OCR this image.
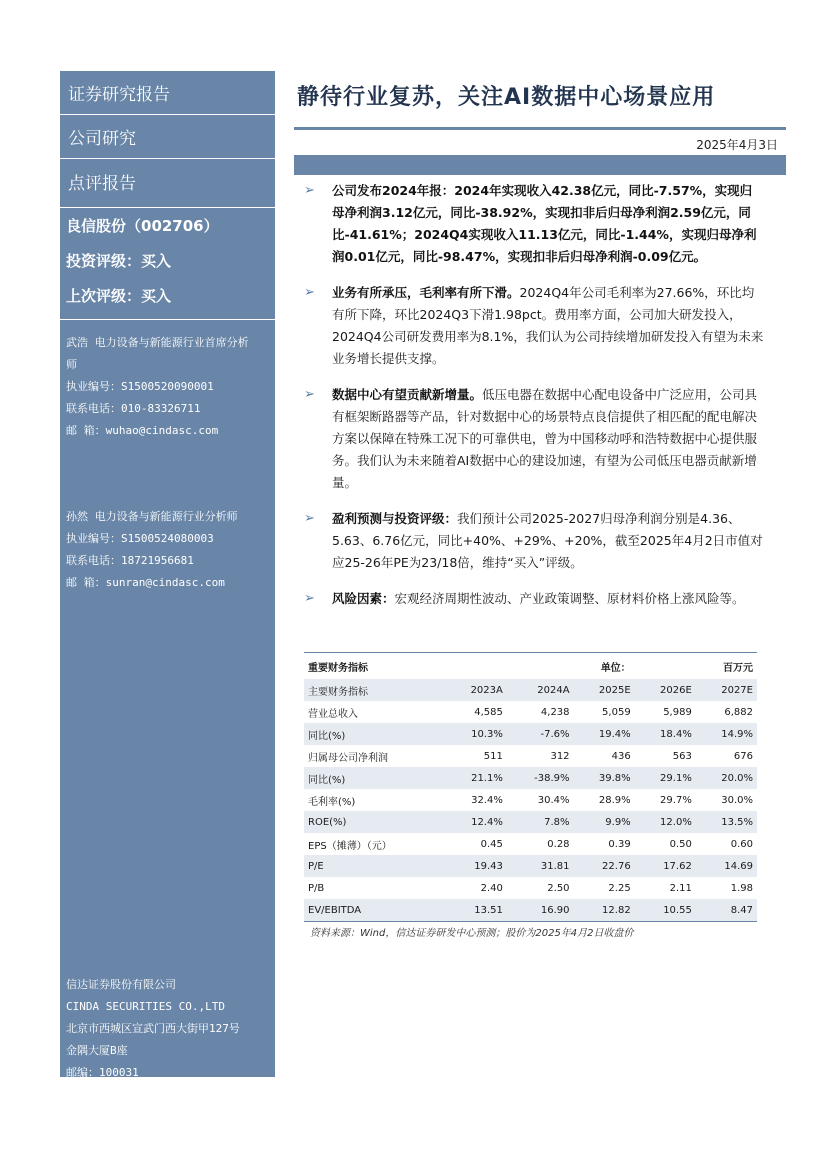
证券研究报告
公司研究
点评报告
良信股份（002706）
投资评级：买入
上次评级：买入
武浩 电力设备与新能源行业首席分析
师
执业编号：S1500520090001
联系电话：010-83326711
邮 箱：wuhao@cindasc.com
孙然 电力设备与新能源行业分析师
执业编号：S1500524080003
联系电话：18721956681
邮 箱：sunran@cindasc.com
信达证券股份有限公司
CINDA SECURITIES CO.,LTD
北京市西城区宣武门西大街甲127号
金隅大厦B座
邮编：100031
静待行业复苏，关注AI数据中心场景应用
2025年4月3日
➢ 公司发布2024年报：2024年实现收入42.38亿元，同比-7.57%，实现归母净利润3.12亿元，同比-38.92%，实现扣非后归母净利润2.59亿元，同比-41.61%；2024Q4实现收入11.13亿元，同比-1.44%，实现归母净利润0.01亿元，同比-98.47%，实现扣非后归母净利润-0.09亿元。
➢ 业务有所承压，毛利率有所下滑。2024Q4年公司毛利率为27.66%，环比均有所下降，环比2024Q3下滑1.98pct。费用率方面，公司加大研发投入，2024Q4公司研发费用率为8.1%，我们认为公司持续增加研发投入有望为未来业务增长提供支撑。
➢ 数据中心有望贡献新增量。低压电器在数据中心配电设备中广泛应用，公司具有框架断路器等产品，针对数据中心的场景特点良信提供了相匹配的配电解决方案以保障在特殊工况下的可靠供电，曾为中国移动呼和浩特数据中心提供服务。我们认为未来随着AI数据中心的建设加速，有望为公司低压电器贡献新增量。
➢ 盈利预测与投资评级：我们预计公司2025-2027归母净利润分别是4.36、5.63、6.76亿元，同比+40%、+29%、+20%，截至2025年4月2日市值对应25-26年PE为23/18倍，维持“买入”评级。
➢ 风险因素：宏观经济周期性波动、产业政策调整、原材料价格上涨风险等。
重要财务指标			单位：		百万元
主要财务指标	2023A	2024A	2025E	2026E	2027E
营业总收入	4,585	4,238	5,059	5,989	6,882
同比(%)	10.3%	-7.6%	19.4%	18.4%	14.9%
归属母公司净利润	511	312	436	563	676
同比(%)	21.1%	-38.9%	39.8%	29.1%	20.0%
毛利率(%)	32.4%	30.4%	28.9%	29.7%	30.0%
ROE(%)	12.4%	7.8%	9.9%	12.0%	13.5%
EPS（摊薄）（元）	0.45	0.28	0.39	0.50	0.60
P/E	19.43	31.81	22.76	17.62	14.69
P/B	2.40	2.50	2.25	2.11	1.98
EV/EBITDA	13.51	16.90	12.82	10.55	8.47
资料来源：Wind，信达证券研发中心预测；股价为2025年4月2日收盘价
